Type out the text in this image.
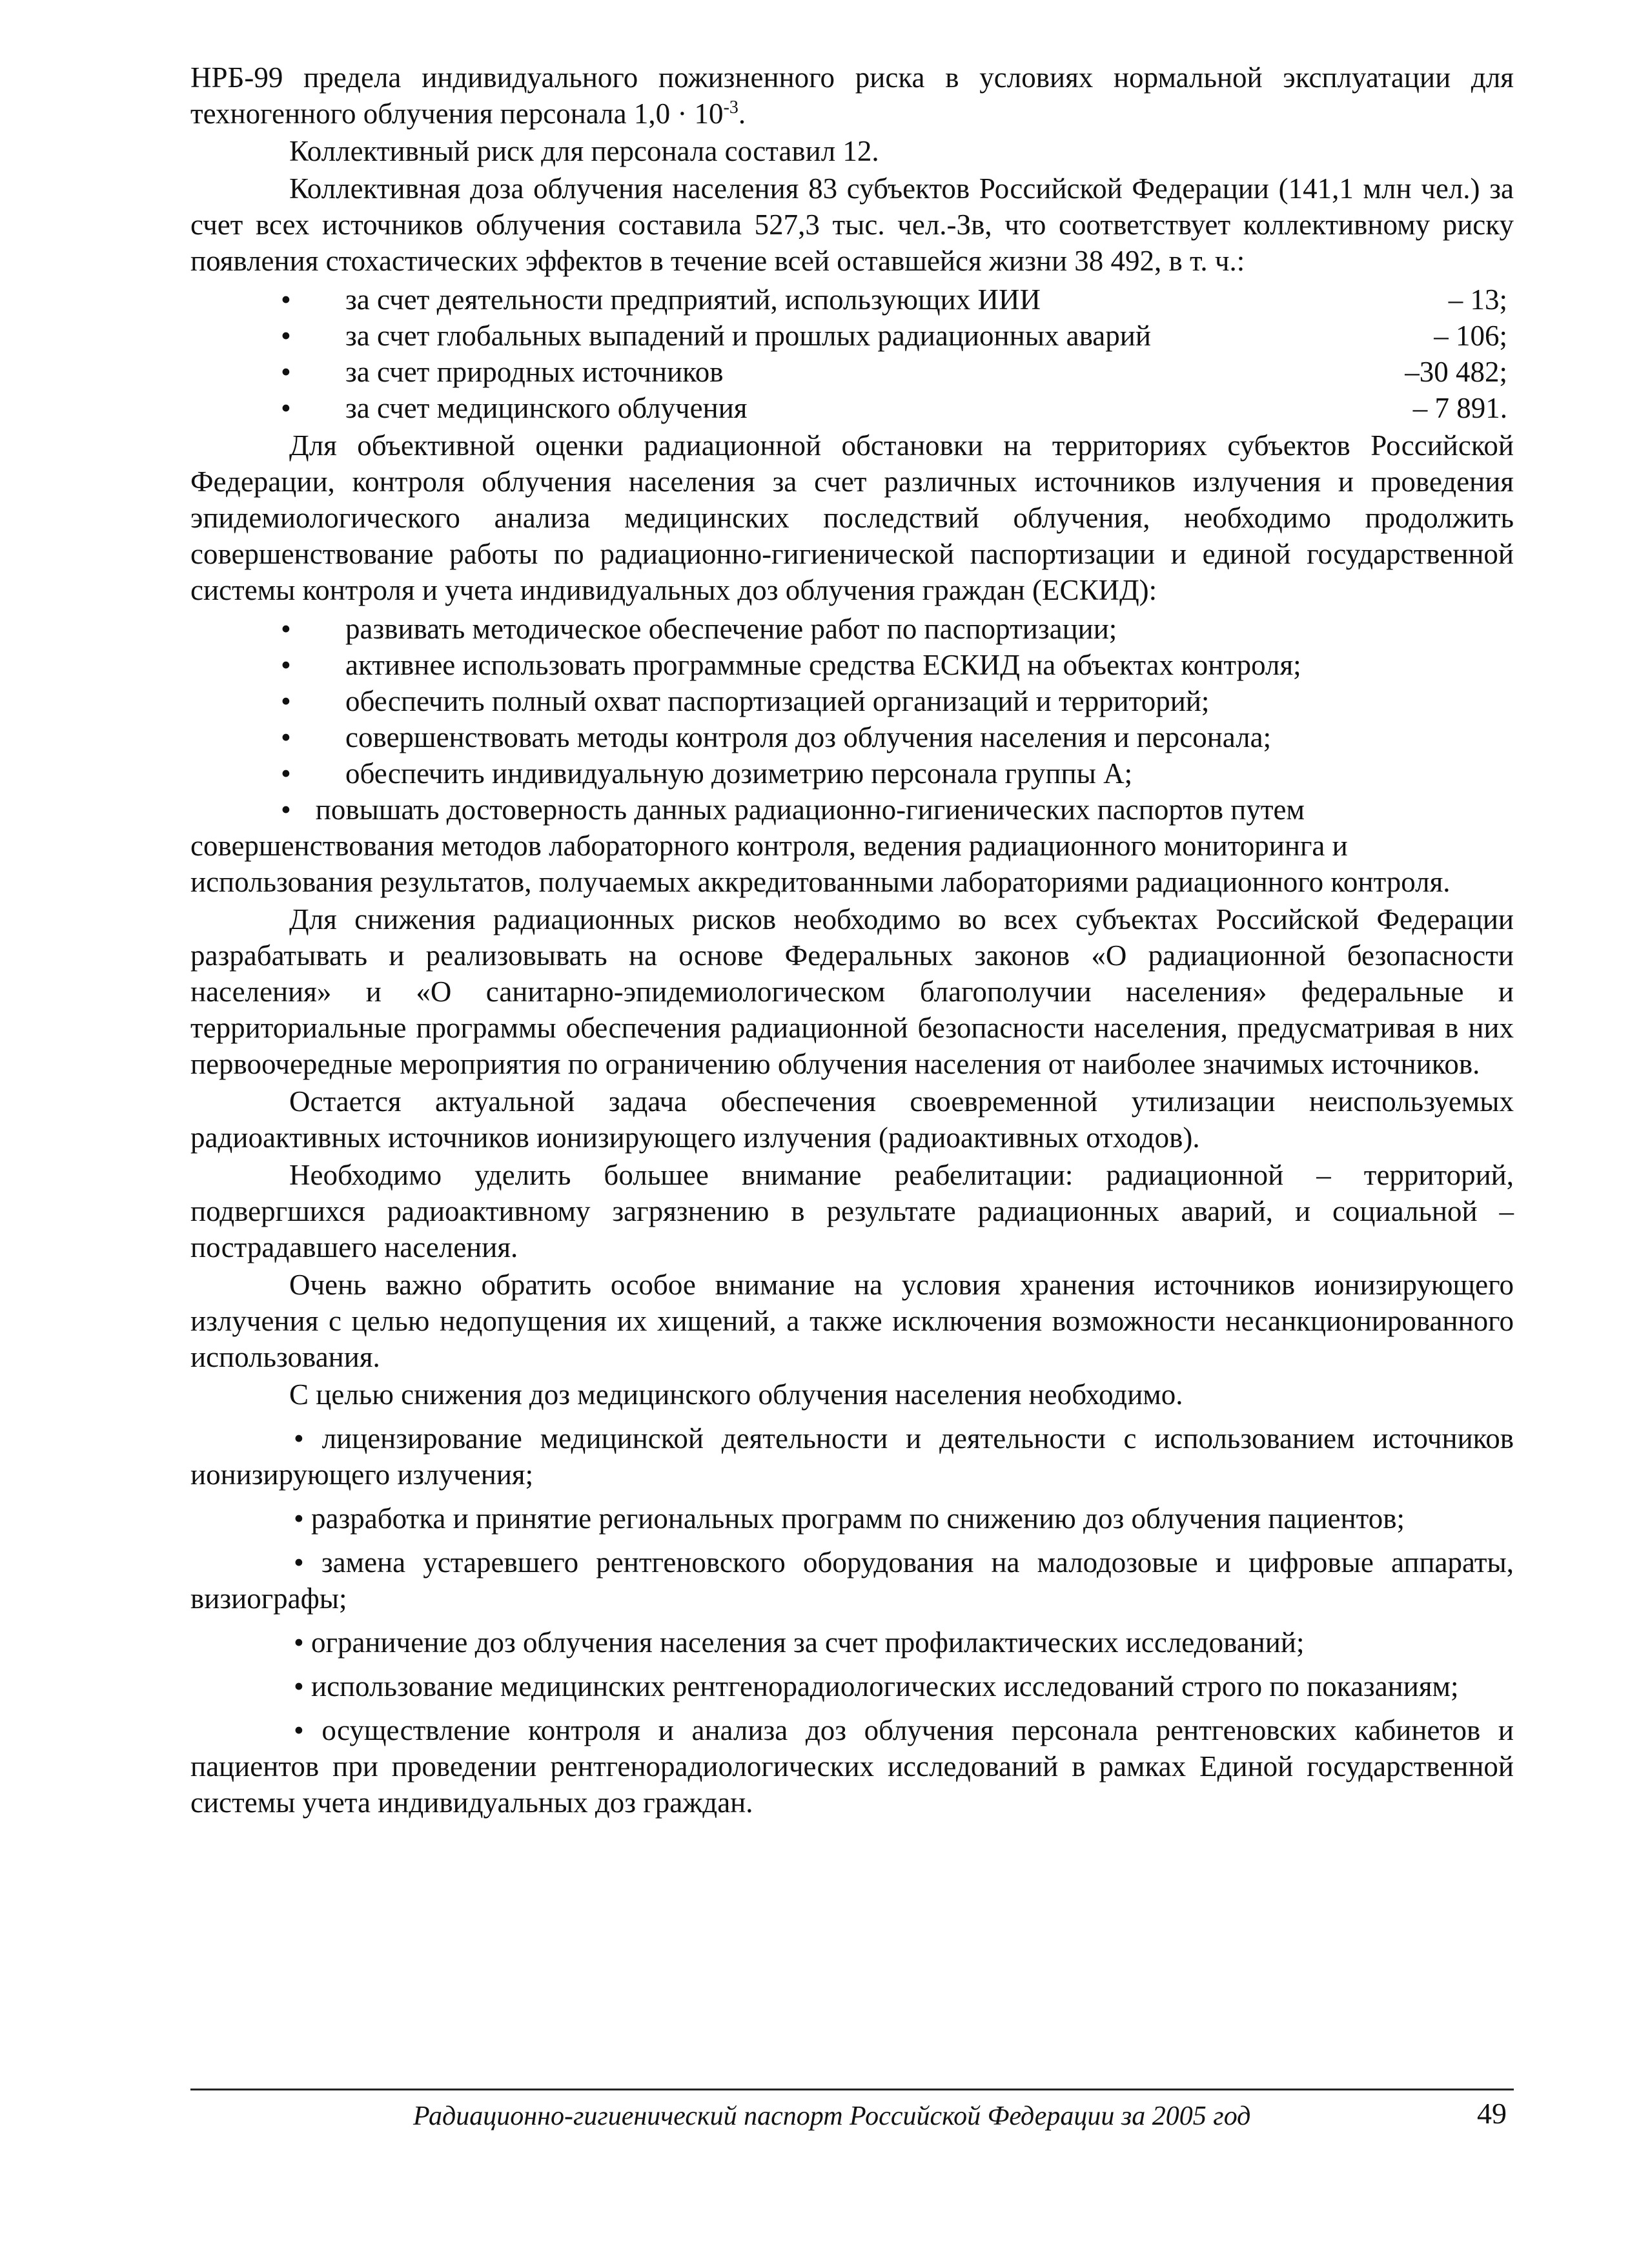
НРБ-99 предела индивидуального пожизненного риска в условиях нормальной эксплуатации для техногенного облучения персонала $1,0 \cdot 10^{-3}$.

Коллективный риск для персонала составил 12.

Коллективная доза облучения населения 83 субъектов Российской Федерации (141,1 млн чел.) за счет всех источников облучения составила 527,3 тыс. чел.-Зв, что соответствует коллективному риску появления стохастических эффектов в течение всей оставшейся жизни 38 492, в т. ч.:

• за счет деятельности предприятий, использующих ИИИ	– 13;
• за счет глобальных выпадений и прошлых радиационных аварий	– 106;
• за счет природных источников	–30 482;
• за счет медицинского облучения	– 7 891.

Для объективной оценки радиационной обстановки на территориях субъектов Российской Федерации, контроля облучения населения за счет различных источников излучения и проведения эпидемиологического анализа медицинских последствий облучения, необходимо продолжить совершенствование работы по радиационно-гигиенической паспортизации и единой государственной системы контроля и учета индивидуальных доз облучения граждан (ЕСКИД):

• развивать методическое обеспечение работ по паспортизации;
• активнее использовать программные средства ЕСКИД на объектах контроля;
• обеспечить полный охват паспортизацией организаций и территорий;
• совершенствовать методы контроля доз облучения населения и персонала;
• обеспечить индивидуальную дозиметрию персонала группы А;
• повышать достоверность данных радиационно-гигиенических паспортов путем совершенствования методов лабораторного контроля, ведения радиационного мониторинга и использования результатов, получаемых аккредитованными лабораториями радиационного контроля.

Для снижения радиационных рисков необходимо во всех субъектах Российской Федерации разрабатывать и реализовывать на основе Федеральных законов «О радиационной безопасности населения» и «О санитарно-эпидемиологическом благополучии населения» федеральные и территориальные программы обеспечения радиационной безопасности населения, предусматривая в них первоочередные мероприятия по ограничению облучения населения от наиболее значимых источников.

Остается актуальной задача обеспечения своевременной утилизации неиспользуемых радиоактивных источников ионизирующего излучения (радиоактивных отходов).

Необходимо уделить большее внимание реабелитации: радиационной – территорий, подвергшихся радиоактивному загрязнению в результате радиационных аварий, и социальной – пострадавшего населения.

Очень важно обратить особое внимание на условия хранения источников ионизирующего излучения с целью недопущения их хищений, а также исключения возможности несанкционированного использования.

С целью снижения доз медицинского облучения населения необходимо.

• лицензирование медицинской деятельности и деятельности с использованием источников ионизирующего излучения;
• разработка и принятие региональных программ по снижению доз облучения пациентов;
• замена устаревшего рентгеновского оборудования на малодозовые и цифровые аппараты, визиографы;
• ограничение доз облучения населения за счет профилактических исследований;
• использование медицинских рентгенорадиологических исследований строго по показаниям;
• осуществление контроля и анализа доз облучения персонала рентгеновских кабинетов и пациентов при проведении рентгенорадиологических исследований в рамках Единой государственной системы учета индивидуальных доз граждан.
Радиационно-гигиенический паспорт Российской Федерации за 2005 год	49
